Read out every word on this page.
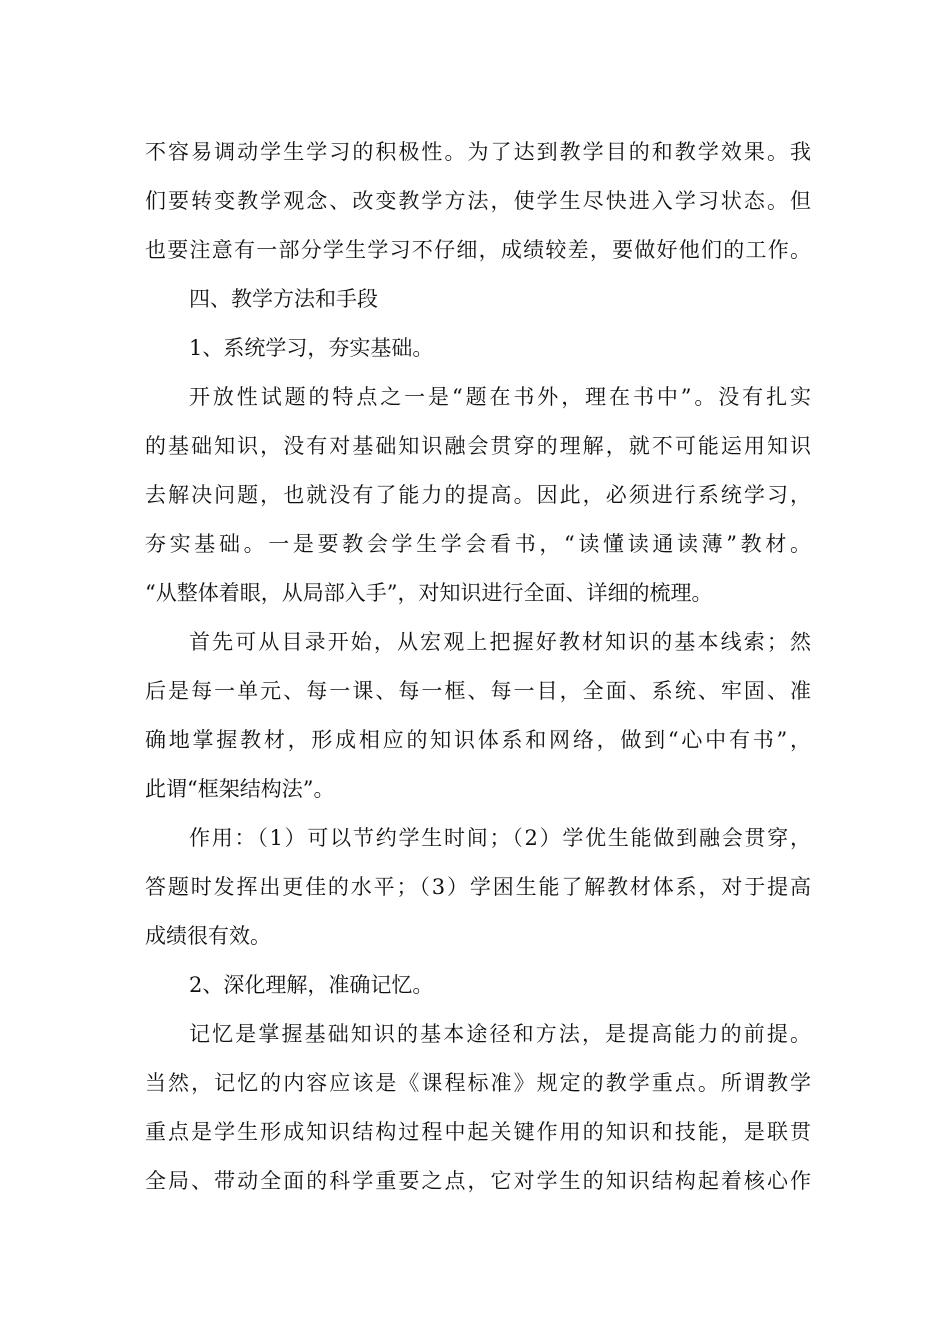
不容易调动学生学习的积极性。为了达到教学目的和教学效果。我
们要转变教学观念、改变教学方法，使学生尽快进入学习状态。但
也要注意有一部分学生学习不仔细，成绩较差，要做好他们的工作。
四、教学方法和手段
1、系统学习，夯实基础。
开放性试题的特点之一是“题在书外，理在书中”。没有扎实
的基础知识，没有对基础知识融会贯穿的理解，就不可能运用知识
去解决问题，也就没有了能力的提高。因此，必须进行系统学习，
夯实基础。一是要教会学生学会看书，“读懂读通读薄”教材。
“从整体着眼，从局部入手”，对知识进行全面、详细的梳理。
首先可从目录开始，从宏观上把握好教材知识的基本线索；然
后是每一单元、每一课、每一框、每一目，全面、系统、牢固、准
确地掌握教材，形成相应的知识体系和网络，做到“心中有书”，
此谓“框架结构法”。
作用：（1）可以节约学生时间；（2）学优生能做到融会贯穿，
答题时发挥出更佳的水平；（3）学困生能了解教材体系，对于提高
成绩很有效。
2、深化理解，准确记忆。
记忆是掌握基础知识的基本途径和方法，是提高能力的前提。
当然，记忆的内容应该是《课程标准》规定的教学重点。所谓教学
重点是学生形成知识结构过程中起关键作用的知识和技能，是联贯
全局、带动全面的科学重要之点，它对学生的知识结构起着核心作
